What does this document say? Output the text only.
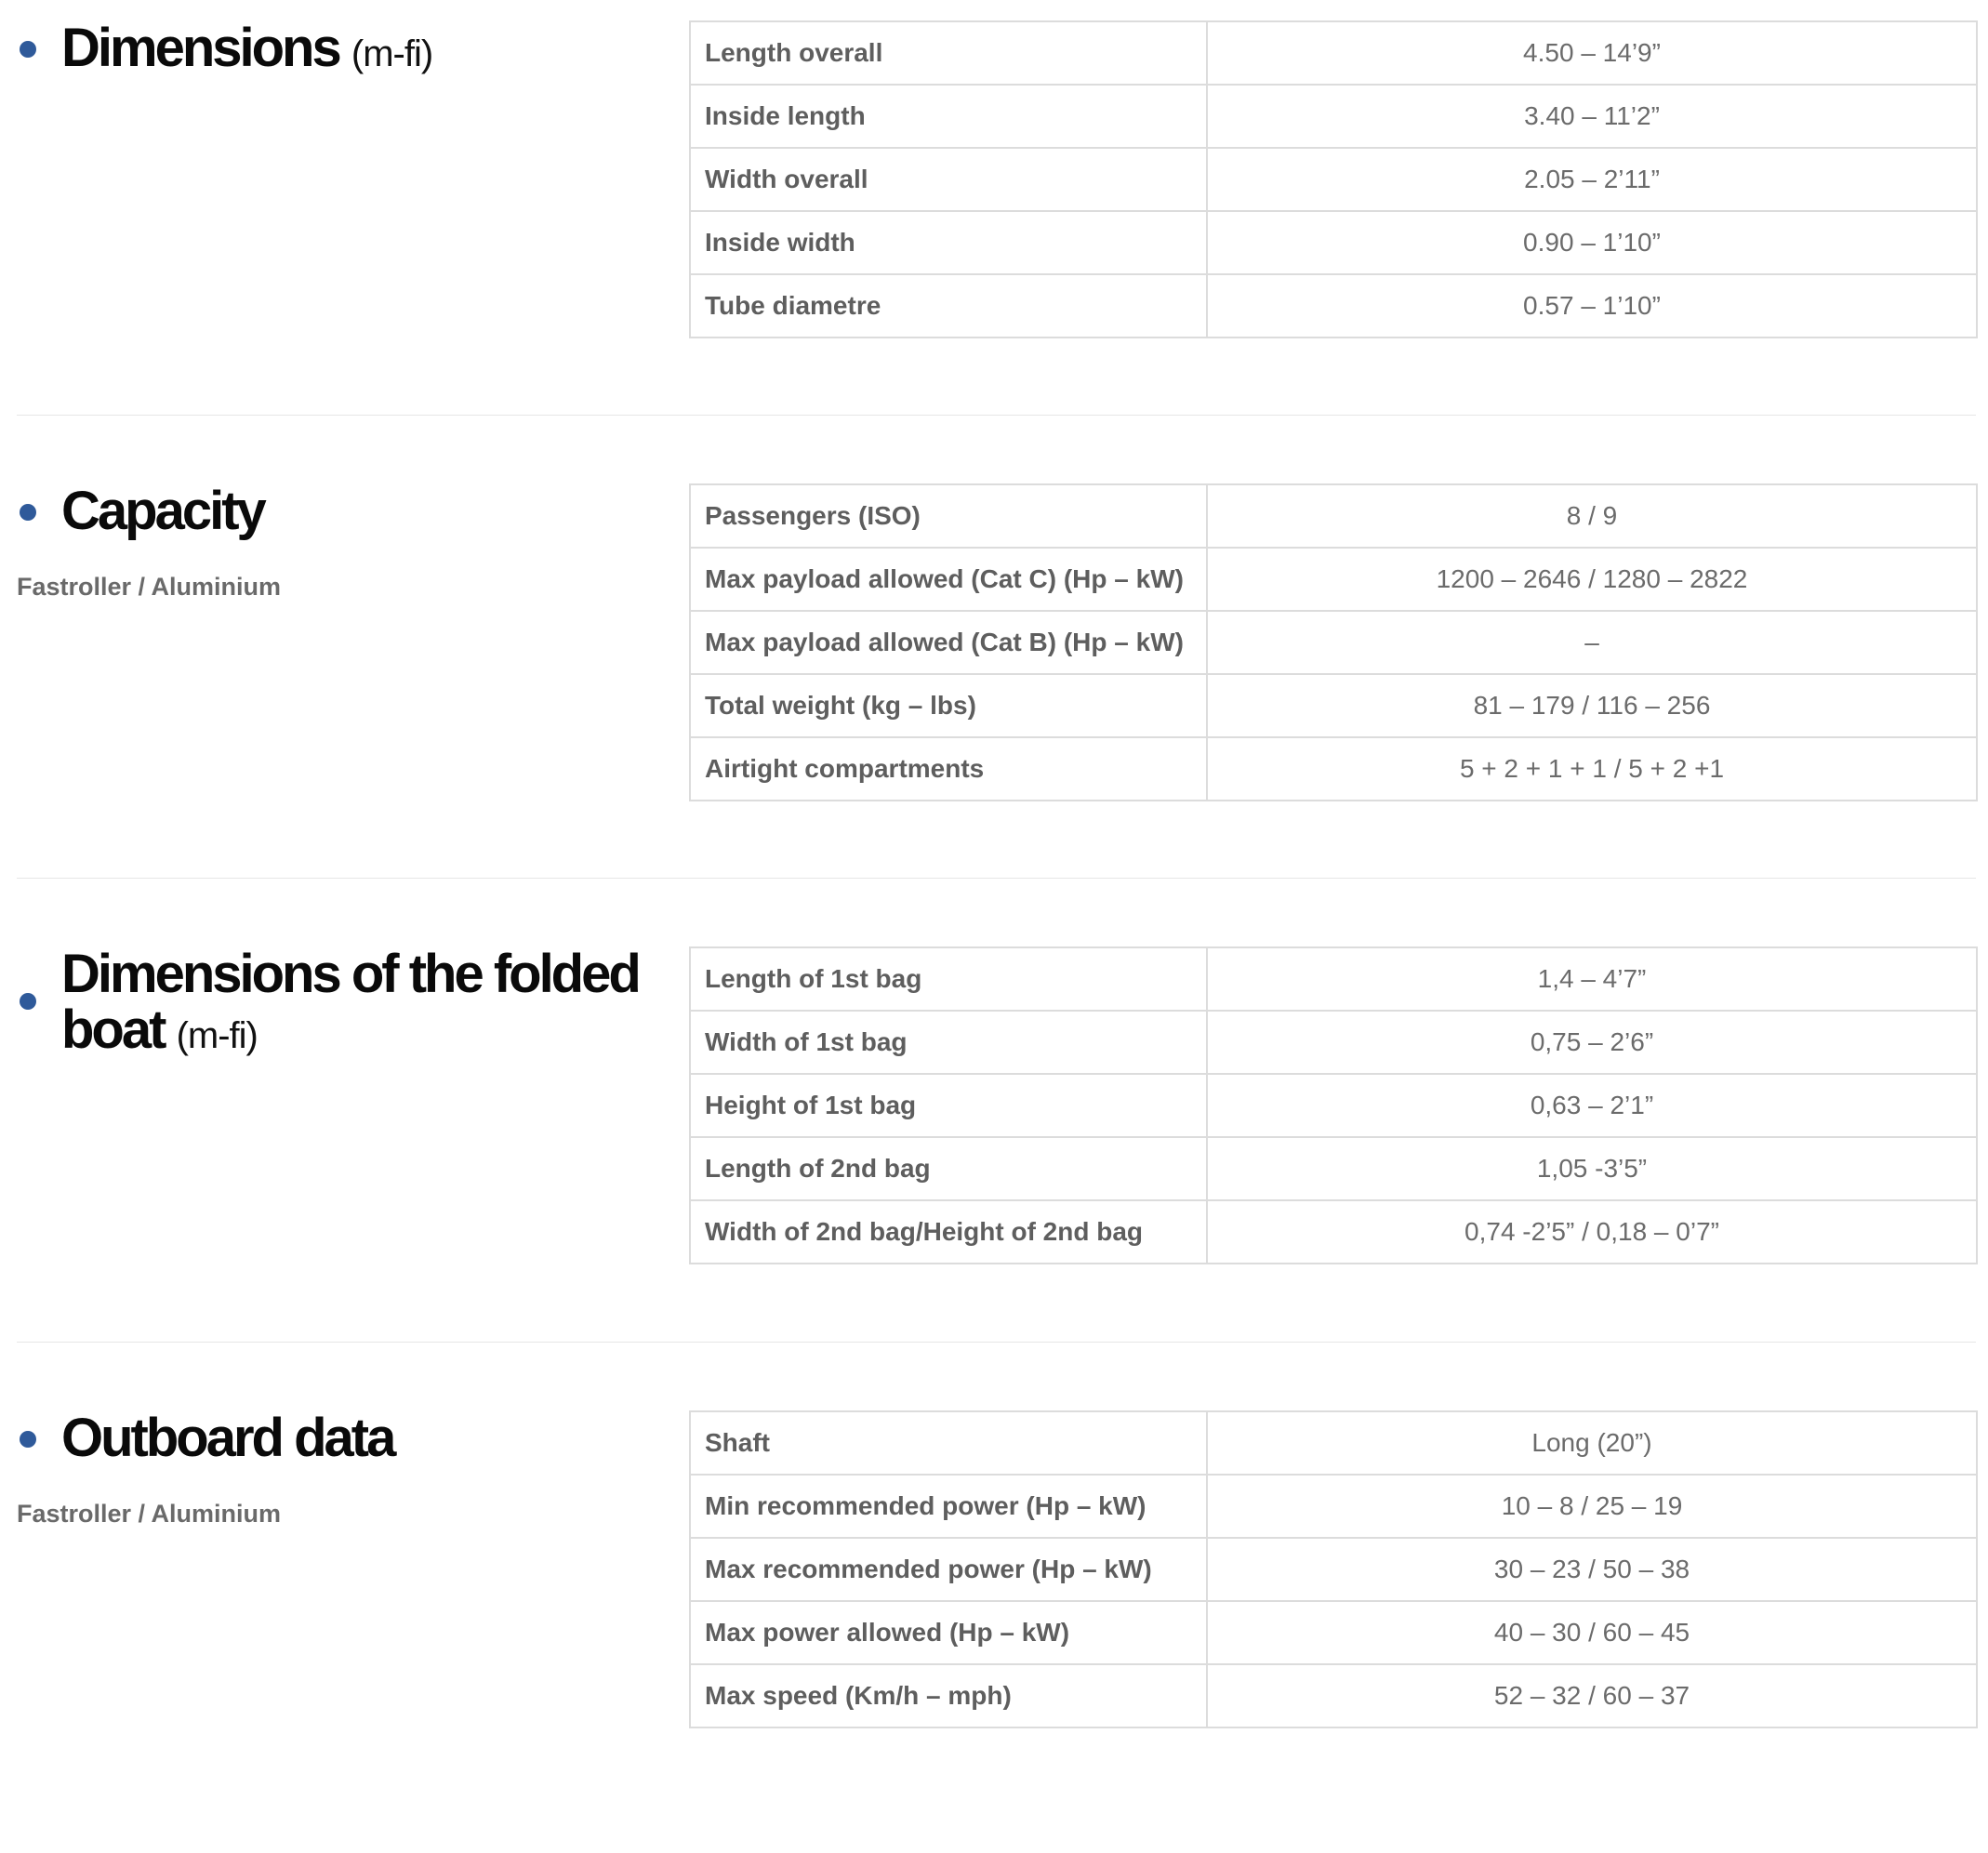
Dimensions (m-fi)	Length overall	4.50 – 14’9”
Inside length	3.40 – 11’2”
Width overall	2.05 – 2’11”
Inside width	0.90 – 1’10”
Tube diametre	0.57 – 1’10”
Capacity
Fastroller / Aluminium
Passengers (ISO)	8 / 9
Max payload allowed (Cat C) (Hp – kW)	1200 – 2646 / 1280 – 2822
Max payload allowed (Cat B) (Hp – kW)	–
Total weight (kg – lbs)	81 – 179 / 116 – 256
Airtight compartments	5 + 2 + 1 + 1 / 5 + 2 +1
Dimensions of the folded boat (m-fi)
Length of 1st bag	1,4 – 4’7”
Width of 1st bag	0,75 – 2’6”
Height of 1st bag	0,63 – 2’1”
Length of 2nd bag	1,05 -3’5”
Width of 2nd bag/Height of 2nd bag	0,74 -2’5” / 0,18 – 0’7”
Outboard data
Fastroller / Aluminium
Shaft	Long (20”)
Min recommended power (Hp – kW)	10 – 8 / 25 – 19
Max recommended power (Hp – kW)	30 – 23 / 50 – 38
Max power allowed (Hp – kW)	40 – 30 / 60 – 45
Max speed (Km/h – mph)	52 – 32 / 60 – 37
